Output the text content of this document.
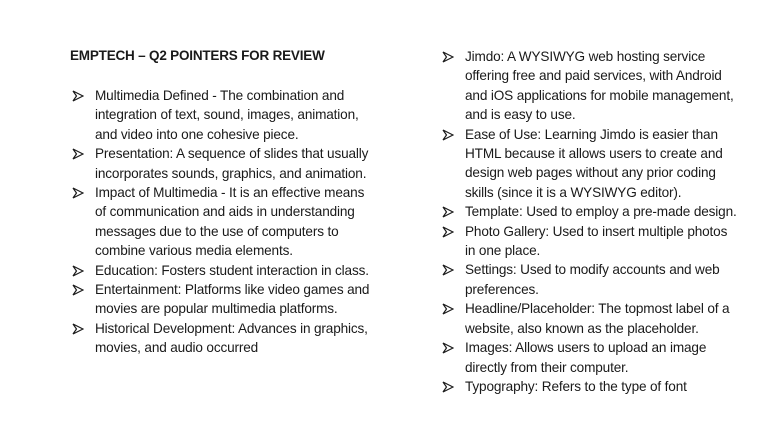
EMPTECH – Q2 POINTERS FOR REVIEW
Multimedia Defined - The combination and integration of text, sound, images, animation, and video into one cohesive piece.
Presentation: A sequence of slides that usually incorporates sounds, graphics, and animation.
Impact of Multimedia - It is an effective means of communication and aids in understanding messages due to the use of computers to combine various media elements.
Education: Fosters student interaction in class.
Entertainment: Platforms like video games and movies are popular multimedia platforms.
Historical Development: Advances in graphics, movies, and audio occurred
Jimdo: A WYSIWYG web hosting service offering free and paid services, with Android and iOS applications for mobile management, and is easy to use.
Ease of Use: Learning Jimdo is easier than HTML because it allows users to create and design web pages without any prior coding skills (since it is a WYSIWYG editor).
Template: Used to employ a pre-made design.
Photo Gallery: Used to insert multiple photos in one place.
Settings: Used to modify accounts and web preferences.
Headline/Placeholder: The topmost label of a website, also known as the placeholder.
Images: Allows users to upload an image directly from their computer.
Typography: Refers to the type of font
